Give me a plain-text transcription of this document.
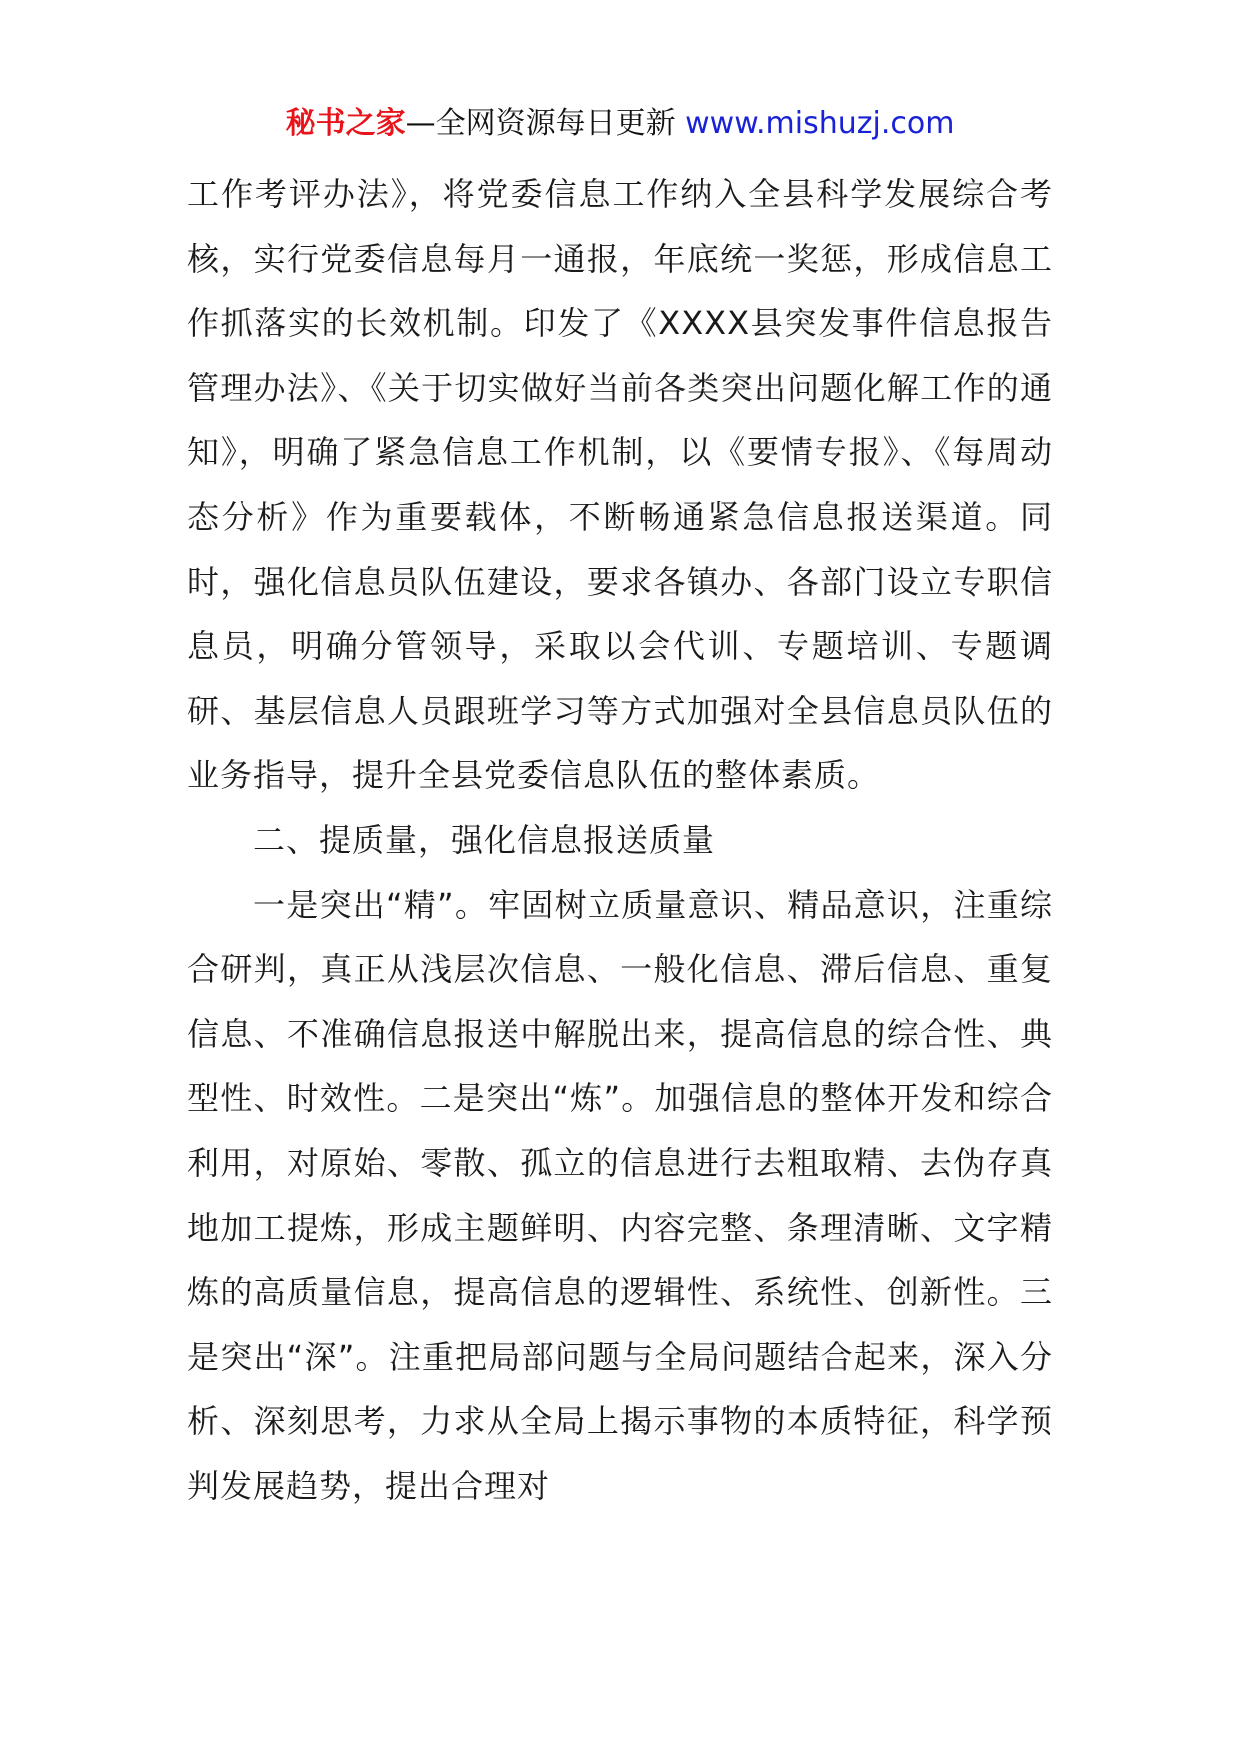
秘书之家—全网资源每日更新 www.mishuzj.com

工作考评办法》，将党委信息工作纳入全县科学发展综合考核，实行党委信息每月一通报，年底统一奖惩，形成信息工作抓落实的长效机制。印发了《XXXX县突发事件信息报告管理办法》、《关于切实做好当前各类突出问题化解工作的通知》，明确了紧急信息工作机制，以《要情专报》、《每周动态分析》作为重要载体，不断畅通紧急信息报送渠道。同时，强化信息员队伍建设，要求各镇办、各部门设立专职信息员，明确分管领导，采取以会代训、专题培训、专题调研、基层信息人员跟班学习等方式加强对全县信息员队伍的业务指导，提升全县党委信息队伍的整体素质。

二、提质量，强化信息报送质量

一是突出“精”。牢固树立质量意识、精品意识，注重综合研判，真正从浅层次信息、一般化信息、滞后信息、重复信息、不准确信息报送中解脱出来，提高信息的综合性、典型性、时效性。二是突出“炼”。加强信息的整体开发和综合利用，对原始、零散、孤立的信息进行去粗取精、去伪存真地加工提炼，形成主题鲜明、内容完整、条理清晰、文字精炼的高质量信息，提高信息的逻辑性、系统性、创新性。三是突出“深”。注重把局部问题与全局问题结合起来，深入分析、深刻思考，力求从全局上揭示事物的本质特征，科学预判发展趋势，提出合理对
